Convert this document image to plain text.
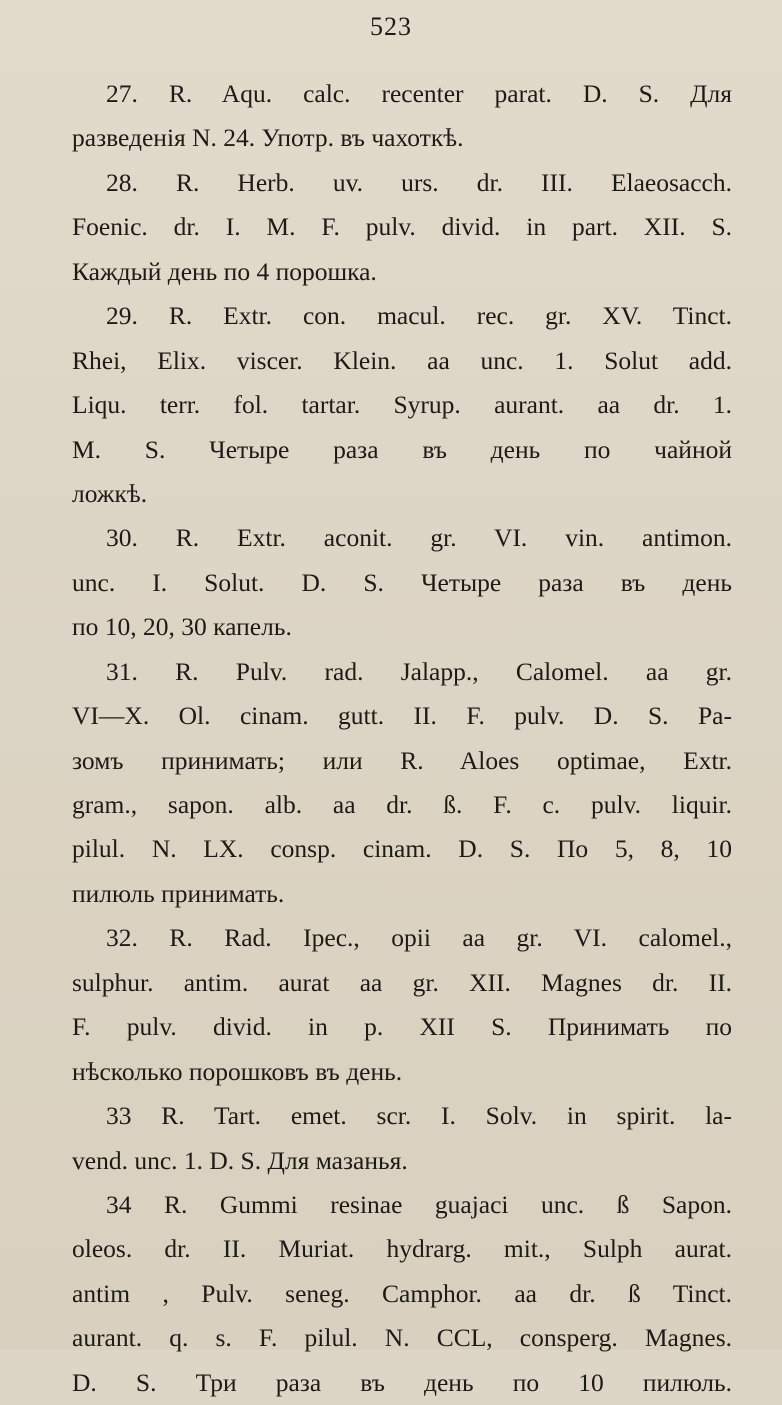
523
27. R. Aqu. calc. recenter parat. D. S. Для
разведенія N. 24. Употр. въ чахоткѣ.
28. R. Herb. uv. urs. dr. III. Elaeosacch.
Foenic. dr. I. M. F. pulv. divid. in part. XII. S.
Каждый день по 4 порошка.
29. R. Extr. con. macul. rec. gr. XV. Tinct.
Rhei, Elix. viscer. Klein. aa unc. 1. Solut add.
Liqu. terr. fol. tartar. Syrup. aurant. aa dr. 1.
M. S. Четыре раза въ день по чайной
ложкѣ.
30. R. Extr. aconit. gr. VI. vin. antimon.
unc. I. Solut. D. S. Четыре раза въ день
по 10, 20, 30 капель.
31. R. Pulv. rad. Jalapp., Calomel. aa gr.
VI—X. Ol. cinam. gutt. II. F. pulv. D. S. Ра-
зомъ принимать; или R. Aloes optimae, Extr.
gram., sapon. alb. aa dr. ß. F. c. pulv. liquir.
pilul. N. LX. consp. cinam. D. S. По 5, 8, 10
пилюль принимать.
32. R. Rad. Ipec., opii aa gr. VI. calomel.,
sulphur. antim. aurat aa gr. XII. Magnes dr. II.
F. pulv. divid. in p. XII S. Принимать по
нѣсколько порошковъ въ день.
33 R. Tart. emet. scr. I. Solv. in spirit. la-
vend. unc. 1. D. S. Для мазанья.
34 R. Gummi resinae guajaci unc. ß Sapon.
oleos. dr. II. Muriat. hydrarg. mit., Sulph aurat.
antim , Pulv. seneg. Camphor. aa dr. ß Tinct.
aurant. q. s. F. pilul. N. CCL, consperg. Magnes.
D. S. Три раза въ день по 10 пилюль.
